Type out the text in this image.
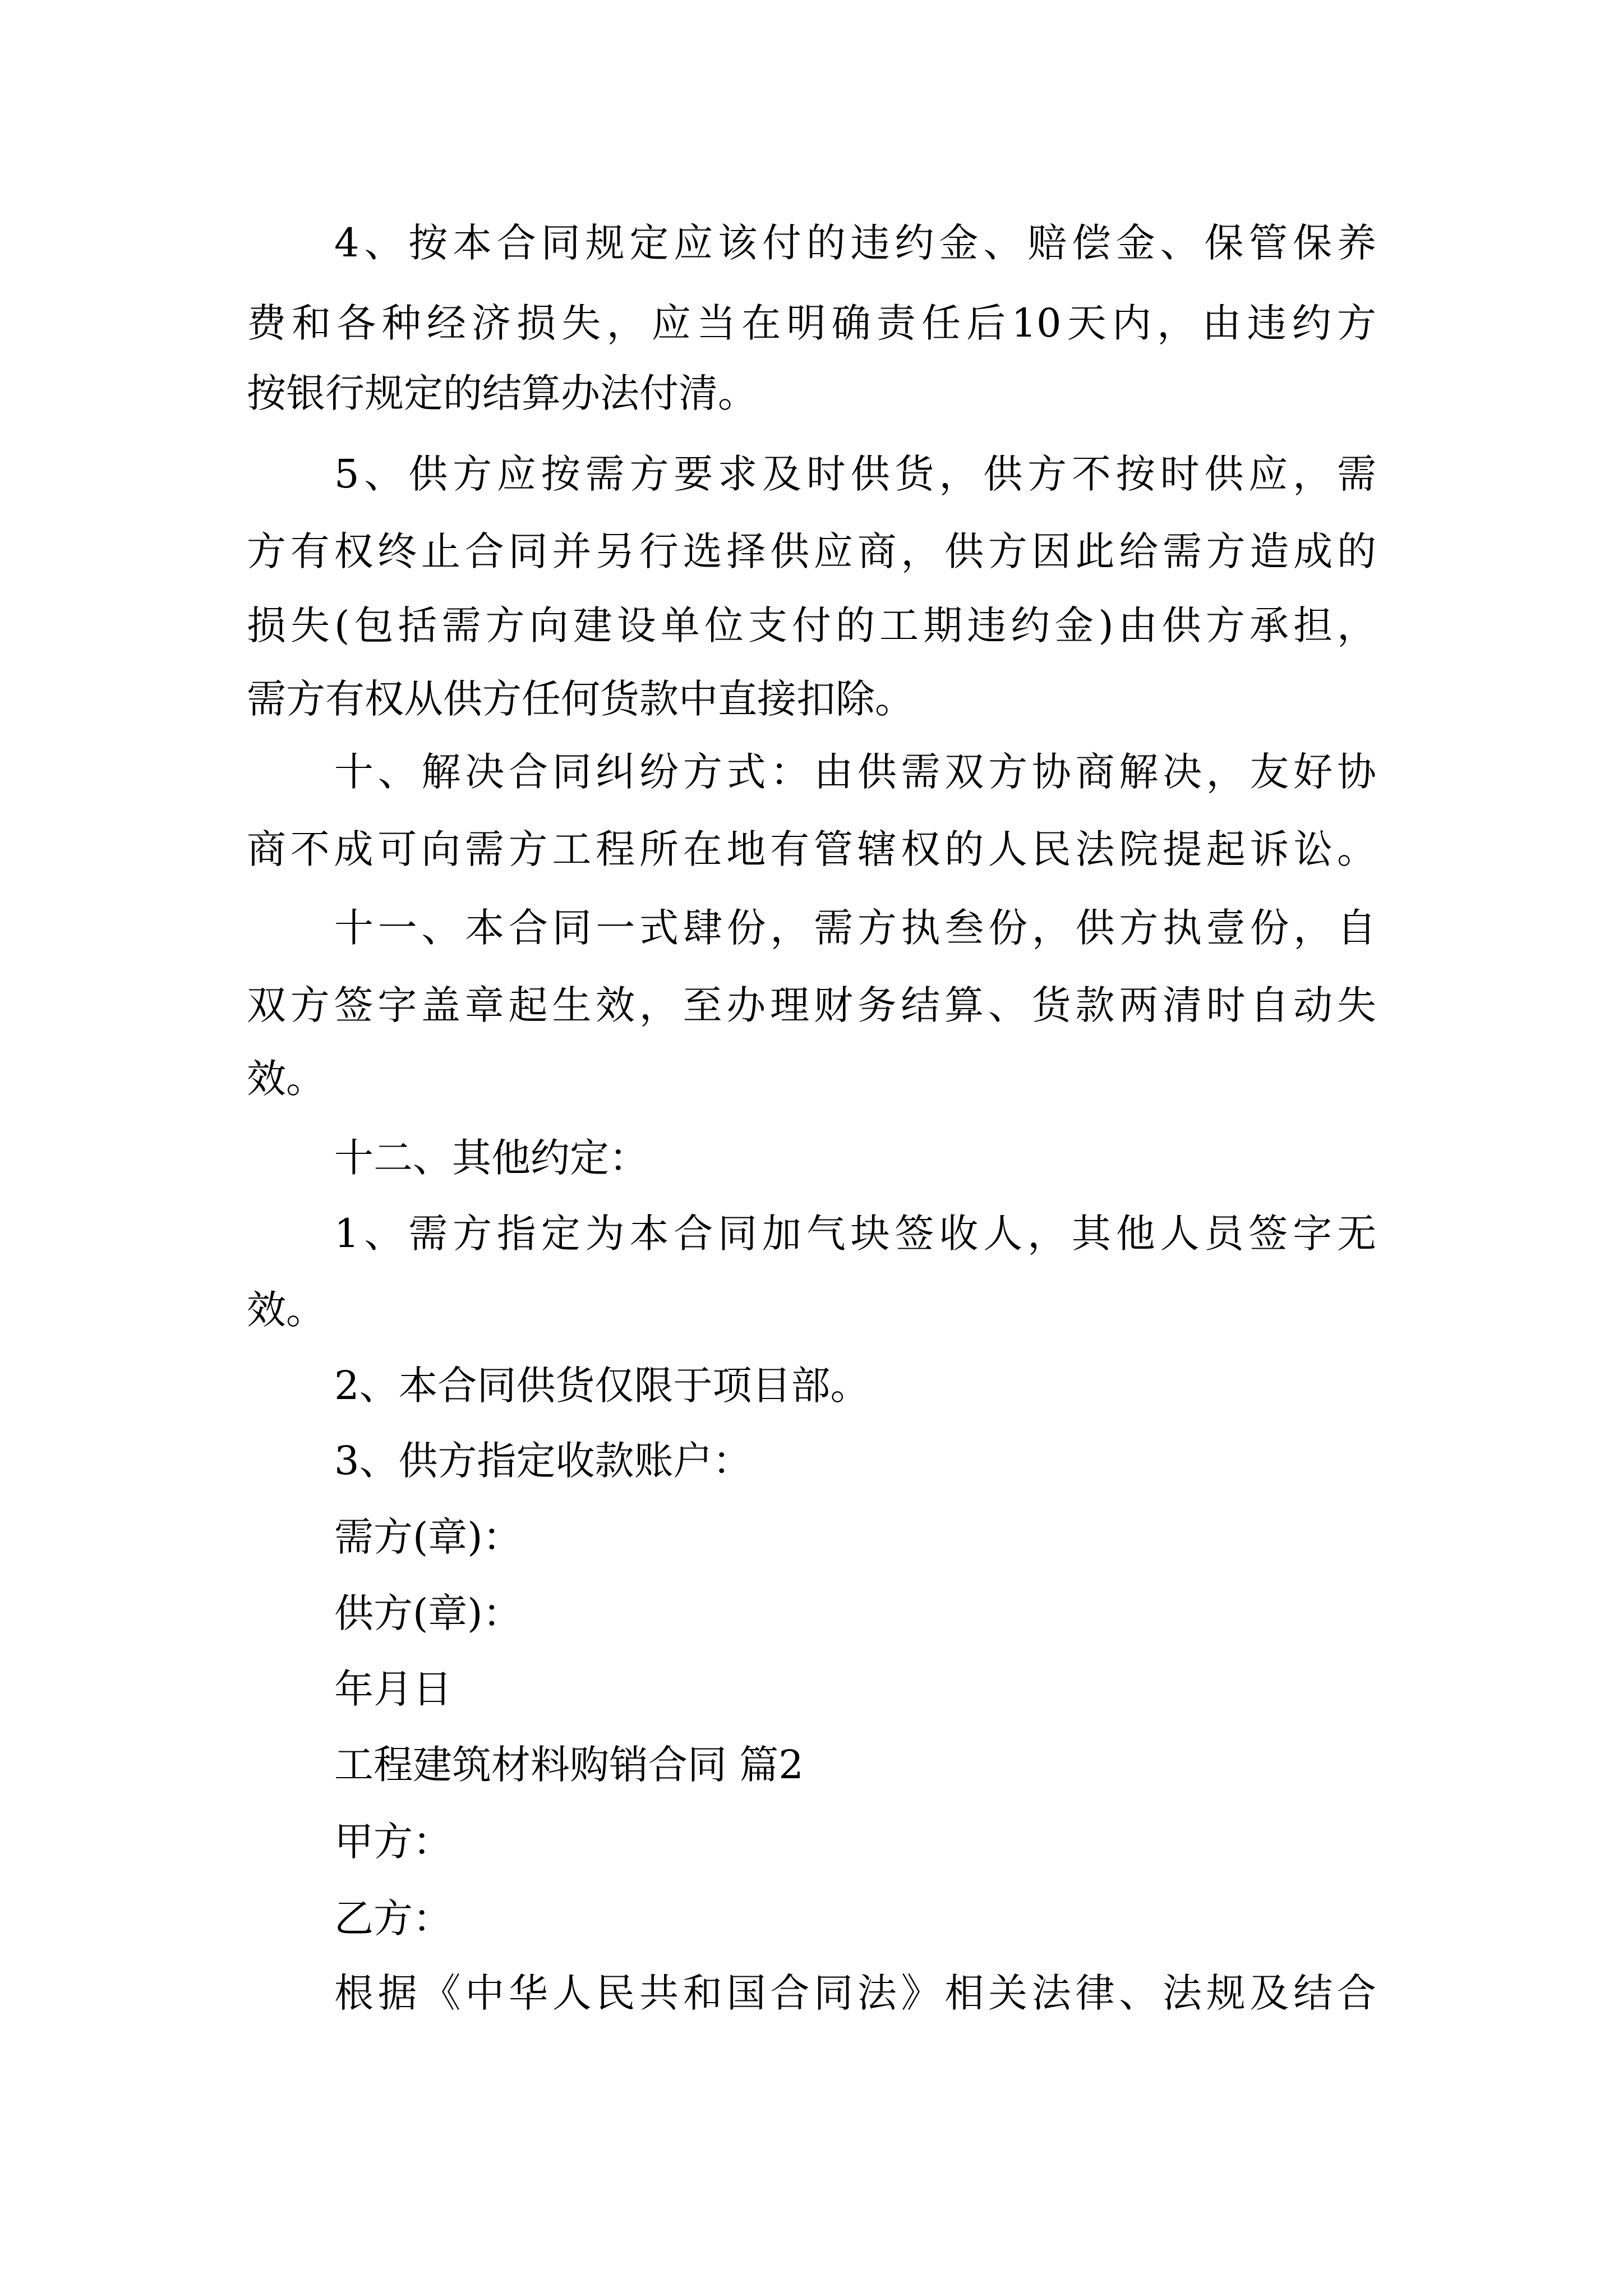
4、按本合同规定应该付的违约金、赔偿金、保管保养
费和各种经济损失，应当在明确责任后10天内，由违约方
按银行规定的结算办法付清。
5、供方应按需方要求及时供货，供方不按时供应，需
方有权终止合同并另行选择供应商，供方因此给需方造成的
损失(包括需方向建设单位支付的工期违约金)由供方承担，
需方有权从供方任何货款中直接扣除。
十、解决合同纠纷方式：由供需双方协商解决，友好协
商不成可向需方工程所在地有管辖权的人民法院提起诉讼。
十一、本合同一式肆份，需方执叁份，供方执壹份，自
双方签字盖章起生效，至办理财务结算、货款两清时自动失
效。
十二、其他约定：
1、需方指定为本合同加气块签收人，其他人员签字无
效。
2、本合同供货仅限于项目部。
3、供方指定收款账户：
需方(章)：
供方(章)：
年月日
工程建筑材料购销合同 篇2
甲方：
乙方：
根据《中华人民共和国合同法》相关法律、法规及结合
